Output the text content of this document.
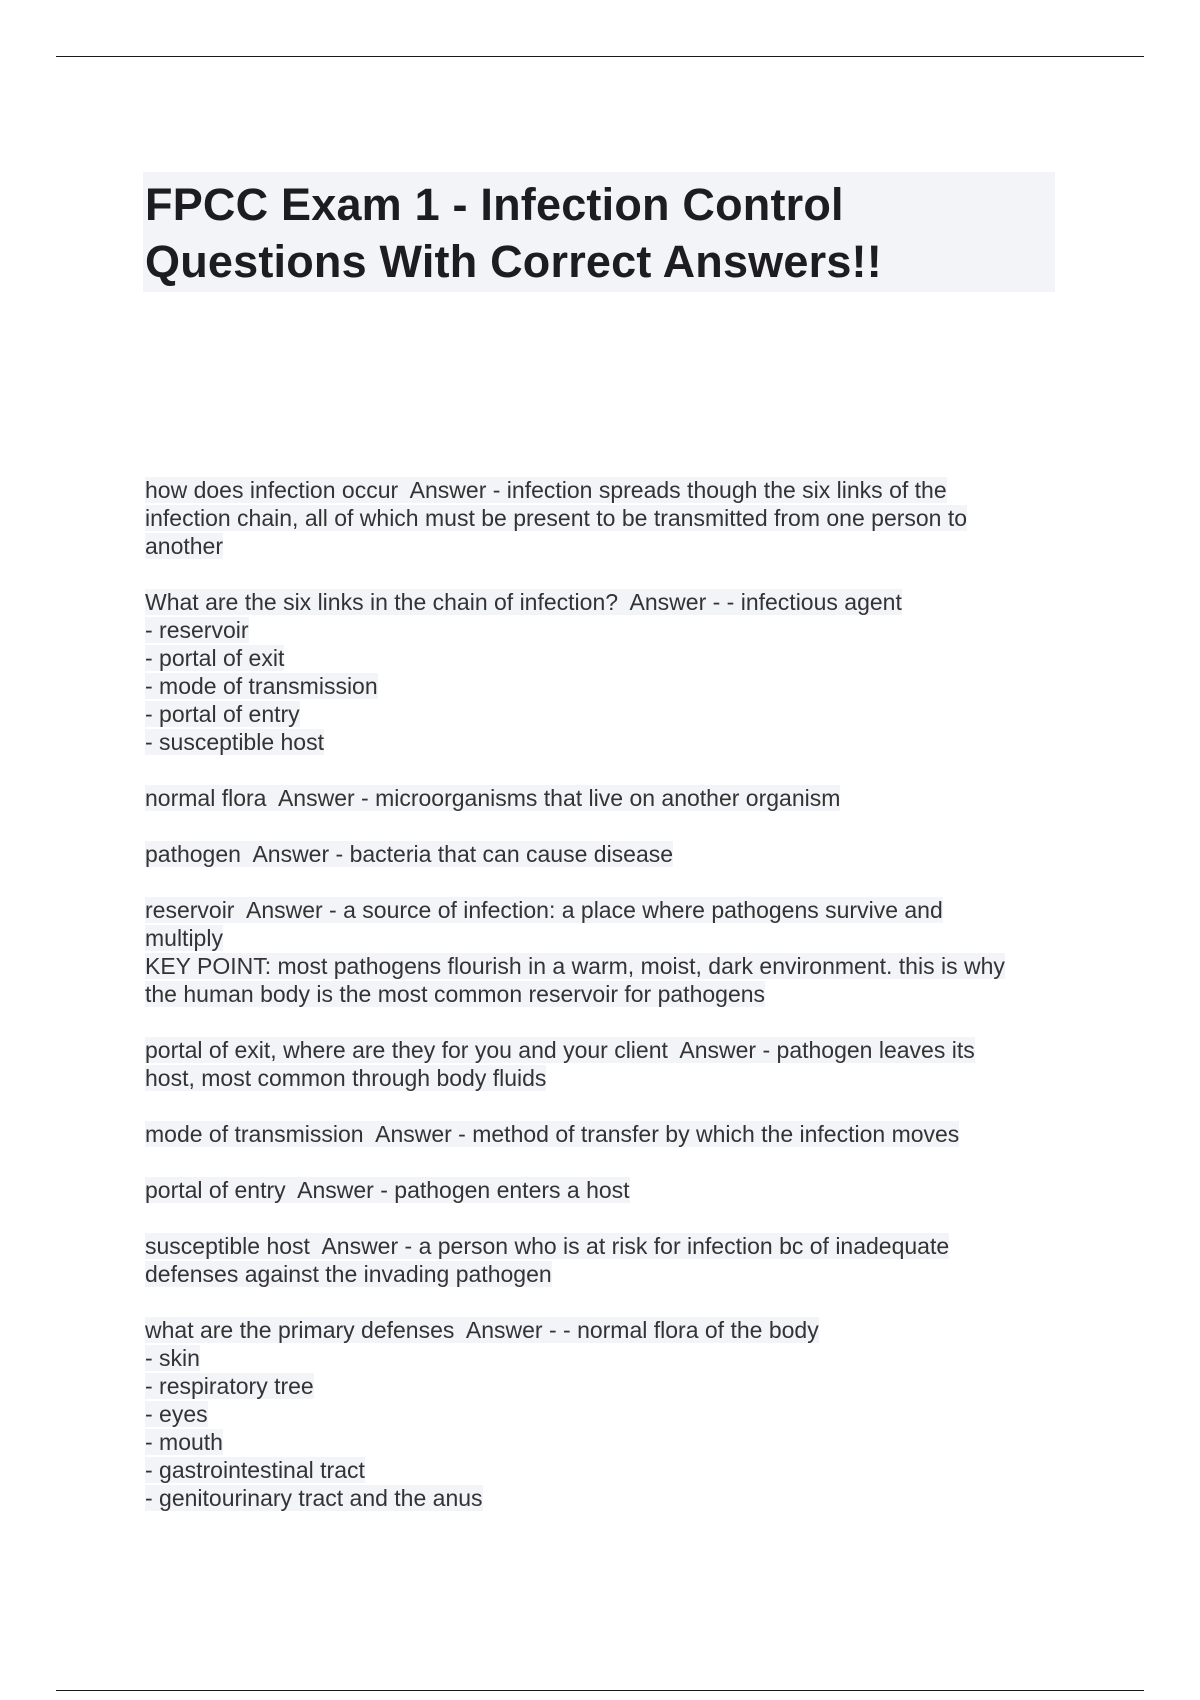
FPCC Exam 1 - Infection Control
Questions With Correct Answers!!
how does infection occur  Answer - infection spreads though the six links of the
infection chain, all of which must be present to be transmitted from one person to
another
What are the six links in the chain of infection?  Answer - - infectious agent
- reservoir
- portal of exit
- mode of transmission
- portal of entry
- susceptible host
normal flora  Answer - microorganisms that live on another organism
pathogen  Answer - bacteria that can cause disease
reservoir  Answer - a source of infection: a place where pathogens survive and
multiply
KEY POINT: most pathogens flourish in a warm, moist, dark environment. this is why
the human body is the most common reservoir for pathogens
portal of exit, where are they for you and your client  Answer - pathogen leaves its
host, most common through body fluids
mode of transmission  Answer - method of transfer by which the infection moves
portal of entry  Answer - pathogen enters a host
susceptible host  Answer - a person who is at risk for infection bc of inadequate
defenses against the invading pathogen
what are the primary defenses  Answer - - normal flora of the body
- skin
- respiratory tree
- eyes
- mouth
- gastrointestinal tract
- genitourinary tract and the anus
